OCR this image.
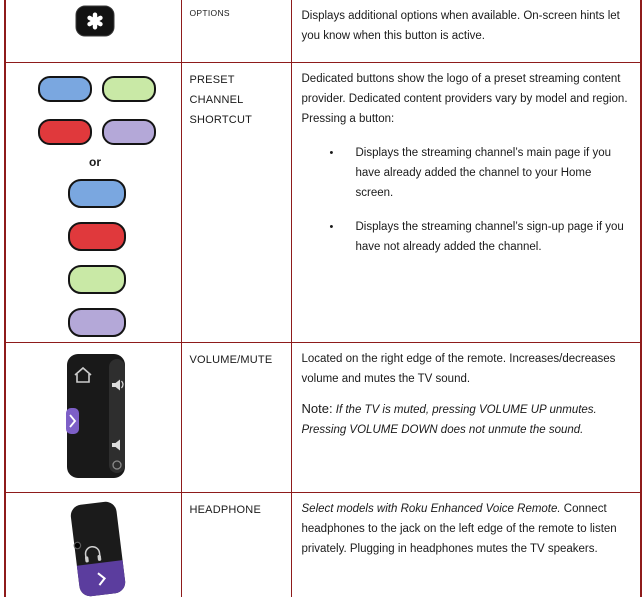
	OPTIONS	Displays additional options when available. On-screen hints let you know when this button is active.

or	PRESET CHANNEL SHORTCUT	Dedicated buttons show the logo of a preset streaming content provider. Dedicated content providers vary by model and region. Pressing a button:

• Displays the streaming channel’s main page if you have already added the channel to your Home screen.
• Displays the streaming channel’s sign-up page if you have not already added the channel.

	VOLUME/MUTE	Located on the right edge of the remote. Increases/decreases volume and mutes the TV sound.

Note: If the TV is muted, pressing VOLUME UP unmutes. Pressing VOLUME DOWN does not unmute the sound.

	HEADPHONE	Select models with Roku Enhanced Voice Remote. Connect headphones to the jack on the left edge of the remote to listen privately. Plugging in headphones mutes the TV speakers.
